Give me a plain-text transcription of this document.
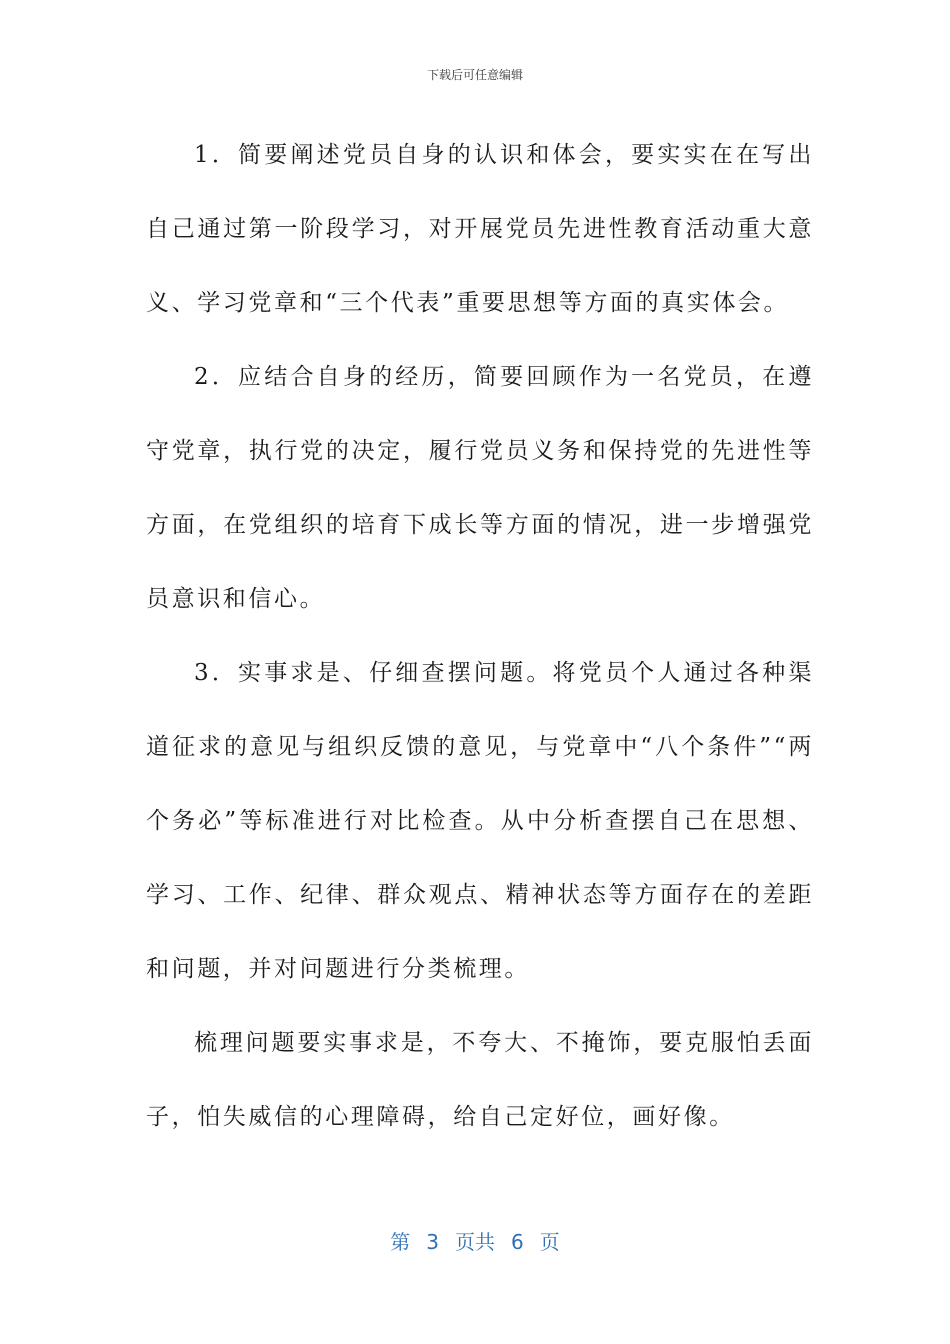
下载后可任意编辑

1．简要阐述党员自身的认识和体会，要实实在在写出自己通过第一阶段学习，对开展党员先进性教育活动重大意义、学习党章和“三个代表”重要思想等方面的真实体会。

2．应结合自身的经历，简要回顾作为一名党员，在遵守党章，执行党的决定，履行党员义务和保持党的先进性等方面，在党组织的培育下成长等方面的情况，进一步增强党员意识和信心。

3．实事求是、仔细查摆问题。将党员个人通过各种渠道征求的意见与组织反馈的意见，与党章中“八个条件”“两个务必”等标准进行对比检查。从中分析查摆自己在思想、学习、工作、纪律、群众观点、精神状态等方面存在的差距和问题，并对问题进行分类梳理。

梳理问题要实事求是，不夸大、不掩饰，要克服怕丢面子，怕失威信的心理障碍，给自己定好位，画好像。

第 3 页共 6 页
